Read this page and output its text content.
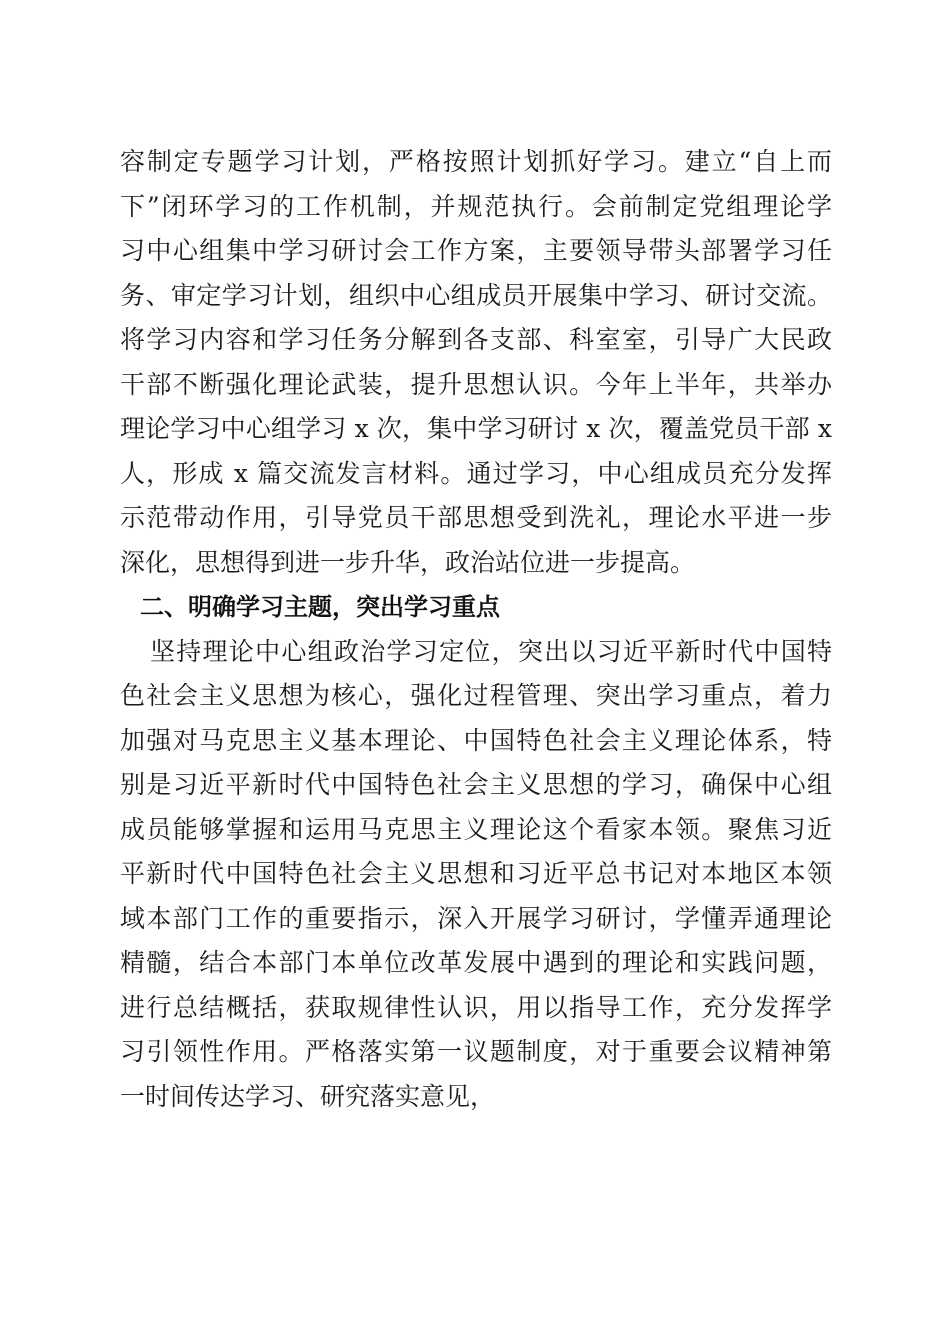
容制定专题学习计划，严格按照计划抓好学习。建立“自上而
下”闭环学习的工作机制，并规范执行。会前制定党组理论学
习中心组集中学习研讨会工作方案，主要领导带头部署学习任
务、审定学习计划，组织中心组成员开展集中学习、研讨交流。
将学习内容和学习任务分解到各支部、科室室，引导广大民政
干部不断强化理论武装，提升思想认识。今年上半年，共举办
理论学习中心组学习 x 次，集中学习研讨 x 次，覆盖党员干部 x
人，形成 x 篇交流发言材料。通过学习，中心组成员充分发挥
示范带动作用，引导党员干部思想受到洗礼，理论水平进一步
深化，思想得到进一步升华，政治站位进一步提高。
二、明确学习主题，突出学习重点
坚持理论中心组政治学习定位，突出以习近平新时代中国特
色社会主义思想为核心，强化过程管理、突出学习重点，着力
加强对马克思主义基本理论、中国特色社会主义理论体系，特
别是习近平新时代中国特色社会主义思想的学习，确保中心组
成员能够掌握和运用马克思主义理论这个看家本领。聚焦习近
平新时代中国特色社会主义思想和习近平总书记对本地区本领
域本部门工作的重要指示，深入开展学习研讨，学懂弄通理论
精髓，结合本部门本单位改革发展中遇到的理论和实践问题，
进行总结概括，获取规律性认识，用以指导工作，充分发挥学
习引领性作用。严格落实第一议题制度，对于重要会议精神第
一时间传达学习、研究落实意见，
